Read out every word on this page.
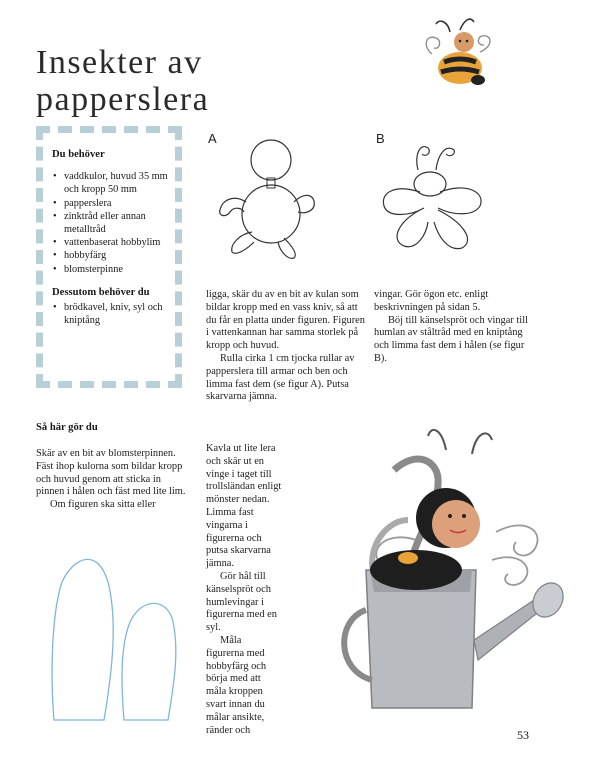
Insekter av
papperslera
Du behöver
• vaddkulor, huvud 35 mm och kropp 50 mm
• papperslera
• zinktråd eller annan metalltråd
• vattenbaserat hobbylim
• hobbyfärg
• blomsterpinne
Dessutom behöver du
• brödkavel, kniv, syl och kniptång
Så här gör du

Skär av en bit av blomsterpinnen. Fäst ihop kulorna som bildar kropp och huvud genom att sticka in pinnen i hålen och fäst med lite lim.

Om figuren ska sitta eller

A	B

ligga, skär du av en bit av kulan som bildar kropp med en vass kniv, så att du får en platta under figuren. Figuren i vattenkannan har samma storlek på kropp och huvud.

Rulla cirka 1 cm tjocka rullar av papperslera till armar och ben och limma fast dem (se figur A). Putsa skarvarna jämna.

Kavla ut lite lera och skär ut en vinge i taget till trollsländan enligt mönster nedan.

Limma fast vingarna i figurerna och putsa skarvarna jämna.

Gör hål till känselspröt och humlevingar i figurerna med en syl.

Måla figurerna med hobbyfärg och börja med att måla kroppen svart innan du målar ansikte, ränder och

vingar. Gör ögon etc. enligt beskrivningen på sidan 5.

Böj till känselspröt och vingar till humlan av ståltråd med en kniptång och limma fast dem i hålen (se figur B).

53
